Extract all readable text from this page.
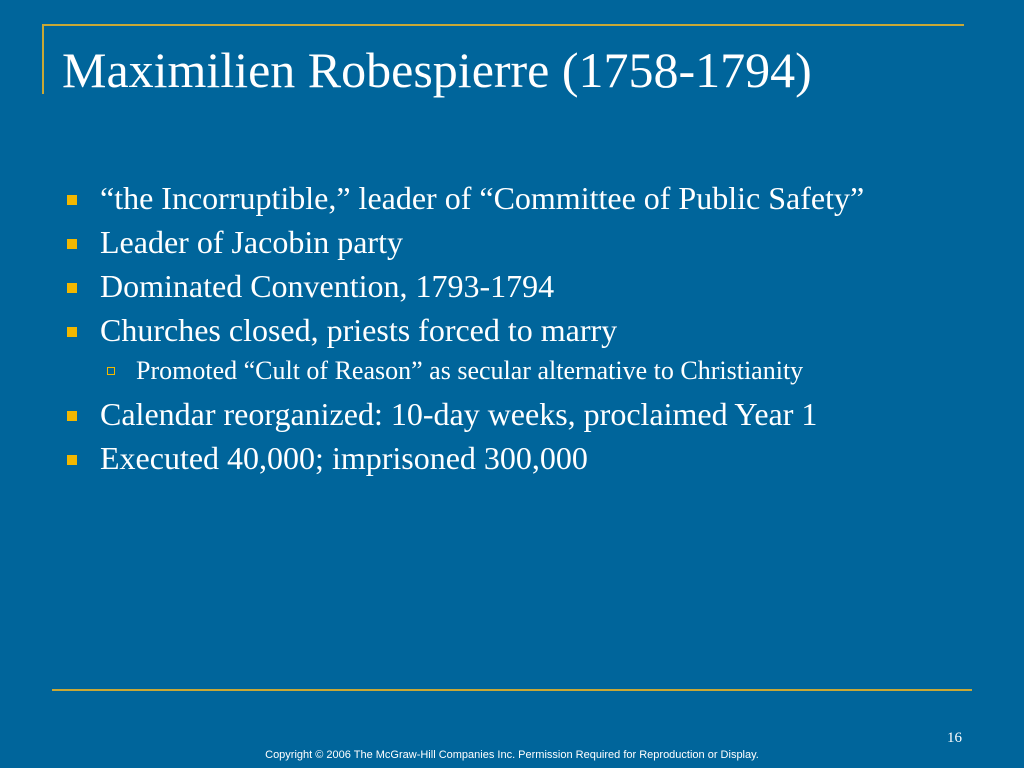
Maximilien Robespierre (1758-1794)
“the Incorruptible,” leader of “Committee of Public Safety”
Leader of Jacobin party
Dominated Convention, 1793-1794
Churches closed, priests forced to marry
Promoted “Cult of Reason” as secular alternative to Christianity
Calendar reorganized: 10-day weeks, proclaimed Year 1
Executed 40,000; imprisoned 300,000
16
Copyright © 2006 The McGraw-Hill Companies Inc. Permission Required for Reproduction or Display.
